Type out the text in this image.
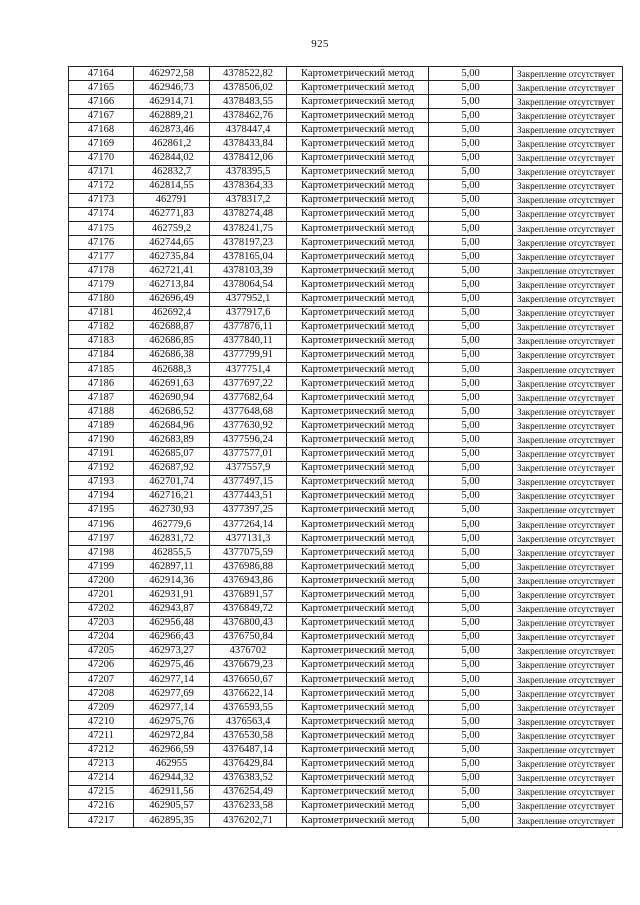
925
47164	462972,58	4378522,82	Картометрический метод	5,00	Закрепление отсутствует
47165	462946,73	4378506,02	Картометрический метод	5,00	Закрепление отсутствует
47166	462914,71	4378483,55	Картометрический метод	5,00	Закрепление отсутствует
47167	462889,21	4378462,76	Картометрический метод	5,00	Закрепление отсутствует
47168	462873,46	4378447,4	Картометрический метод	5,00	Закрепление отсутствует
47169	462861,2	4378433,84	Картометрический метод	5,00	Закрепление отсутствует
47170	462844,02	4378412,06	Картометрический метод	5,00	Закрепление отсутствует
47171	462832,7	4378395,5	Картометрический метод	5,00	Закрепление отсутствует
47172	462814,55	4378364,33	Картометрический метод	5,00	Закрепление отсутствует
47173	462791	4378317,2	Картометрический метод	5,00	Закрепление отсутствует
47174	462771,83	4378274,48	Картометрический метод	5,00	Закрепление отсутствует
47175	462759,2	4378241,75	Картометрический метод	5,00	Закрепление отсутствует
47176	462744,65	4378197,23	Картометрический метод	5,00	Закрепление отсутствует
47177	462735,84	4378165,04	Картометрический метод	5,00	Закрепление отсутствует
47178	462721,41	4378103,39	Картометрический метод	5,00	Закрепление отсутствует
47179	462713,84	4378064,54	Картометрический метод	5,00	Закрепление отсутствует
47180	462696,49	4377952,1	Картометрический метод	5,00	Закрепление отсутствует
47181	462692,4	4377917,6	Картометрический метод	5,00	Закрепление отсутствует
47182	462688,87	4377876,11	Картометрический метод	5,00	Закрепление отсутствует
47183	462686,85	4377840,11	Картометрический метод	5,00	Закрепление отсутствует
47184	462686,38	4377799,91	Картометрический метод	5,00	Закрепление отсутствует
47185	462688,3	4377751,4	Картометрический метод	5,00	Закрепление отсутствует
47186	462691,63	4377697,22	Картометрический метод	5,00	Закрепление отсутствует
47187	462690,94	4377682,64	Картометрический метод	5,00	Закрепление отсутствует
47188	462686,52	4377648,68	Картометрический метод	5,00	Закрепление отсутствует
47189	462684,96	4377630,92	Картометрический метод	5,00	Закрепление отсутствует
47190	462683,89	4377596,24	Картометрический метод	5,00	Закрепление отсутствует
47191	462685,07	4377577,01	Картометрический метод	5,00	Закрепление отсутствует
47192	462687,92	4377557,9	Картометрический метод	5,00	Закрепление отсутствует
47193	462701,74	4377497,15	Картометрический метод	5,00	Закрепление отсутствует
47194	462716,21	4377443,51	Картометрический метод	5,00	Закрепление отсутствует
47195	462730,93	4377397,25	Картометрический метод	5,00	Закрепление отсутствует
47196	462779,6	4377264,14	Картометрический метод	5,00	Закрепление отсутствует
47197	462831,72	4377131,3	Картометрический метод	5,00	Закрепление отсутствует
47198	462855,5	4377075,59	Картометрический метод	5,00	Закрепление отсутствует
47199	462897,11	4376986,88	Картометрический метод	5,00	Закрепление отсутствует
47200	462914,36	4376943,86	Картометрический метод	5,00	Закрепление отсутствует
47201	462931,91	4376891,57	Картометрический метод	5,00	Закрепление отсутствует
47202	462943,87	4376849,72	Картометрический метод	5,00	Закрепление отсутствует
47203	462956,48	4376800,43	Картометрический метод	5,00	Закрепление отсутствует
47204	462966,43	4376750,84	Картометрический метод	5,00	Закрепление отсутствует
47205	462973,27	4376702	Картометрический метод	5,00	Закрепление отсутствует
47206	462975,46	4376679,23	Картометрический метод	5,00	Закрепление отсутствует
47207	462977,14	4376650,67	Картометрический метод	5,00	Закрепление отсутствует
47208	462977,69	4376622,14	Картометрический метод	5,00	Закрепление отсутствует
47209	462977,14	4376593,55	Картометрический метод	5,00	Закрепление отсутствует
47210	462975,76	4376563,4	Картометрический метод	5,00	Закрепление отсутствует
47211	462972,84	4376530,58	Картометрический метод	5,00	Закрепление отсутствует
47212	462966,59	4376487,14	Картометрический метод	5,00	Закрепление отсутствует
47213	462955	4376429,84	Картометрический метод	5,00	Закрепление отсутствует
47214	462944,32	4376383,52	Картометрический метод	5,00	Закрепление отсутствует
47215	462911,56	4376254,49	Картометрический метод	5,00	Закрепление отсутствует
47216	462905,57	4376233,58	Картометрический метод	5,00	Закрепление отсутствует
47217	462895,35	4376202,71	Картометрический метод	5,00	Закрепление отсутствует
